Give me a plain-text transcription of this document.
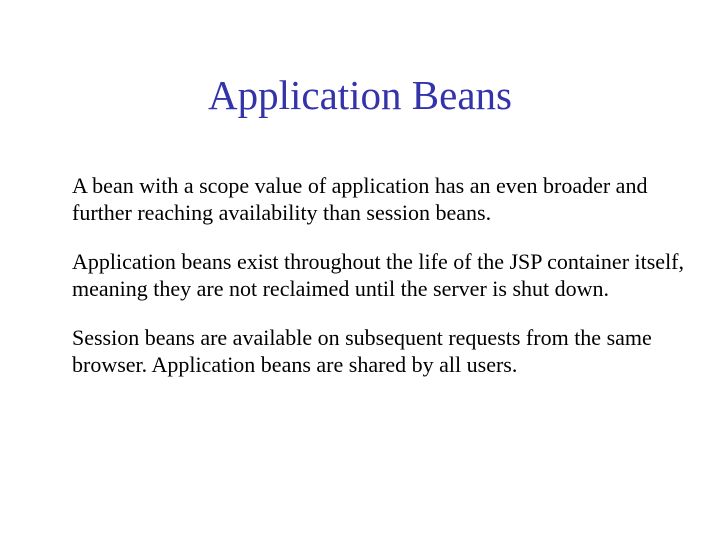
Application Beans

A bean with a scope value of application has an even broader and further reaching availability than session beans.

Application beans exist throughout the life of the JSP container itself, meaning they are not reclaimed until the server is shut down.

Session beans are available on subsequent requests from the same browser. Application beans are shared by all users.
